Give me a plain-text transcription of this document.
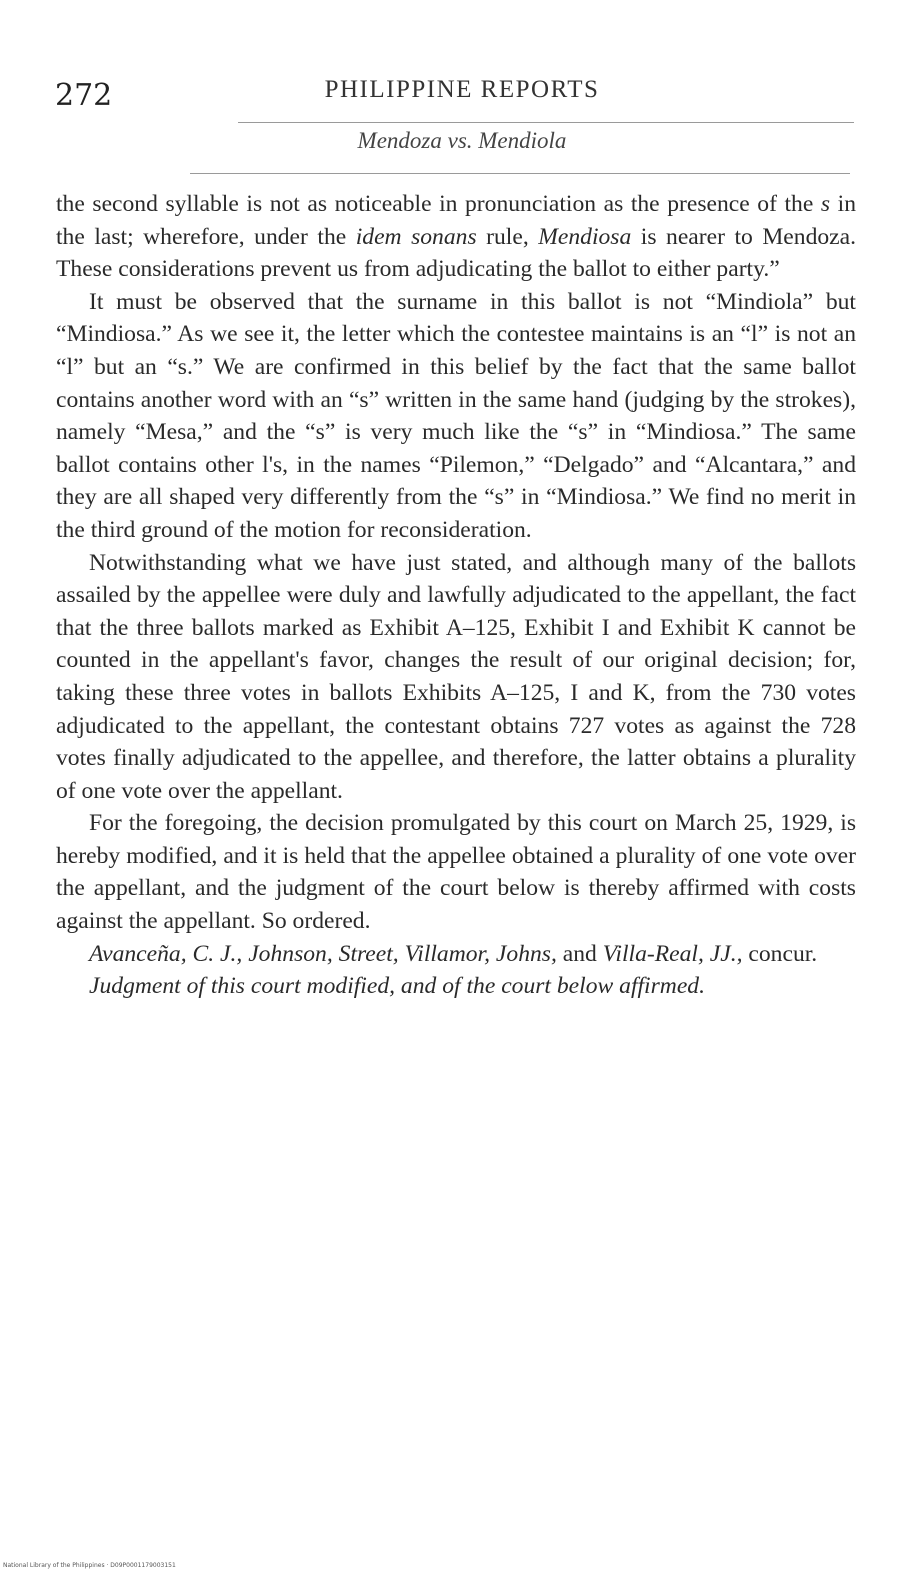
272	PHILIPPINE REPORTS
Mendoza vs. Mendiola

the second syllable is not as noticeable in pronunciation as the presence of the s in the last; wherefore, under the idem sonans rule, Mendiosa is nearer to Mendoza. These considerations prevent us from adjudicating the ballot to either party.”

It must be observed that the surname in this ballot is not “Mindiola” but “Mindiosa.” As we see it, the letter which the contestee maintains is an “l” is not an “l” but an “s.” We are confirmed in this belief by the fact that the same ballot contains another word with an “s” written in the same hand (judging by the strokes), namely “Mesa,” and the “s” is very much like the “s” in “Mindiosa.” The same ballot contains other l's, in the names “Pilemon,” “Delgado” and “Alcantara,” and they are all shaped very differently from the “s” in “Mindiosa.” We find no merit in the third ground of the motion for reconsideration.

Notwithstanding what we have just stated, and although many of the ballots assailed by the appellee were duly and lawfully adjudicated to the appellant, the fact that the three ballots marked as Exhibit A–125, Exhibit I and Exhibit K cannot be counted in the appellant's favor, changes the result of our original decision; for, taking these three votes in ballots Exhibits A–125, I and K, from the 730 votes adjudicated to the appellant, the contestant obtains 727 votes as against the 728 votes finally adjudicated to the appellee, and therefore, the latter obtains a plurality of one vote over the appellant.

For the foregoing, the decision promulgated by this court on March 25, 1929, is hereby modified, and it is held that the appellee obtained a plurality of one vote over the appellant, and the judgment of the court below is thereby affirmed with costs against the appellant. So ordered.

Avanceña, C. J., Johnson, Street, Villamor, Johns, and Villa-Real, JJ., concur.

Judgment of this court modified, and of the court below affirmed.

National Library of the Philippines · D09P0001179003151
